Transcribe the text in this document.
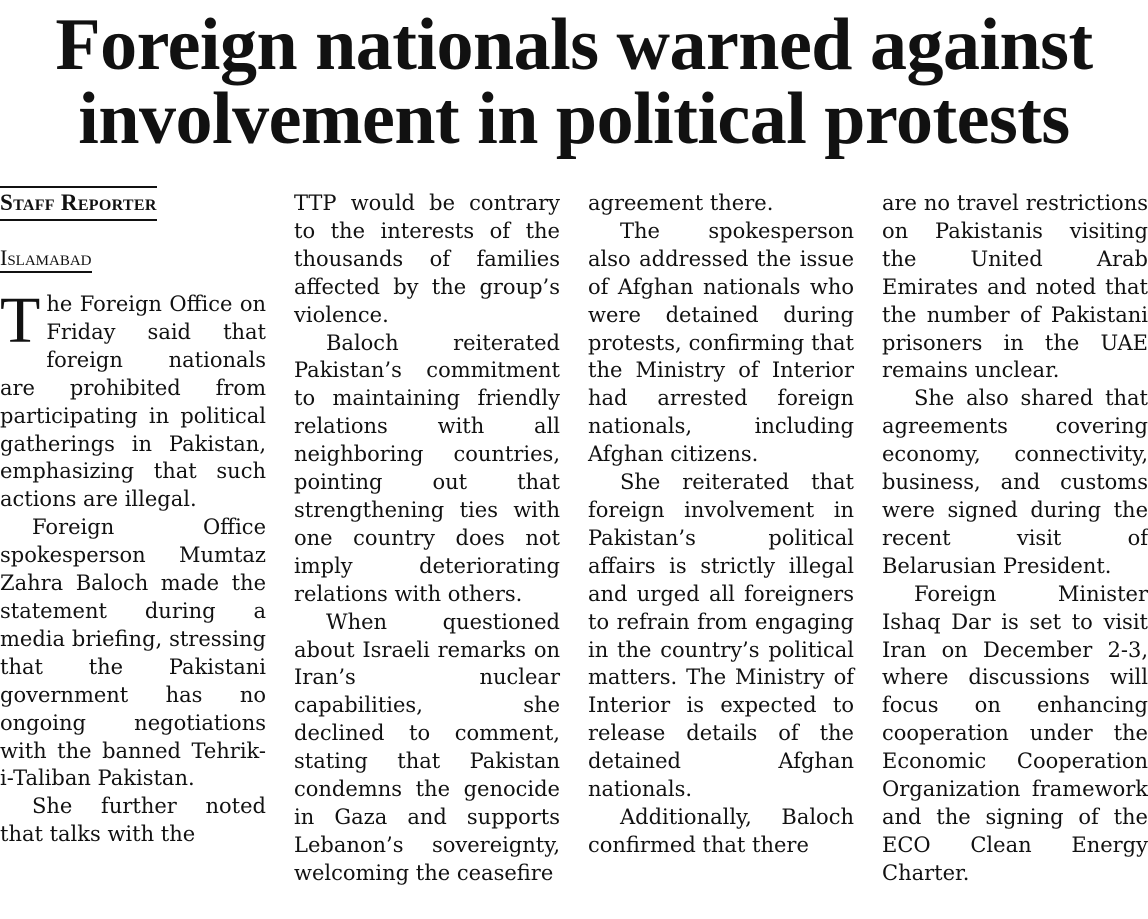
Foreign nationals warned against
involvement in political protests
Staff Reporter
Islamabad

The Foreign Office on Friday said that foreign nationals are prohibited from participating in political gatherings in Pakistan, emphasizing that such actions are illegal.

Foreign Office spokesperson Mumtaz Zahra Baloch made the statement during a media briefing, stressing that the Pakistani government has no ongoing negotiations with the banned Tehrik-i-Taliban Pakistan.

She further noted that talks with the

TTP would be contrary to the interests of the thousands of families affected by the group’s violence.

Baloch reiterated Pakistan’s commitment to maintaining friendly relations with all neighboring countries, pointing out that strengthening ties with one country does not imply deteriorating relations with others.

When questioned about Israeli remarks on Iran’s nuclear capabilities, she declined to comment, stating that Pakistan condemns the genocide in Gaza and supports Lebanon’s sovereignty, welcoming the ceasefire

agreement there.

The spokesperson also addressed the issue of Afghan nationals who were detained during protests, confirming that the Ministry of Interior had arrested foreign nationals, including Afghan citizens.

She reiterated that foreign involvement in Pakistan’s political affairs is strictly illegal and urged all foreigners to refrain from engaging in the country’s political matters. The Ministry of Interior is expected to release details of the detained Afghan nationals.

Additionally, Baloch confirmed that there

are no travel restrictions on Pakistanis visiting the United Arab Emirates and noted that the number of Pakistani prisoners in the UAE remains unclear.

She also shared that agreements covering economy, connectivity, business, and customs were signed during the recent visit of Belarusian President.

Foreign Minister Ishaq Dar is set to visit Iran on December 2-3, where discussions will focus on enhancing cooperation under the Economic Cooperation Organization framework and the signing of the ECO Clean Energy Charter.
